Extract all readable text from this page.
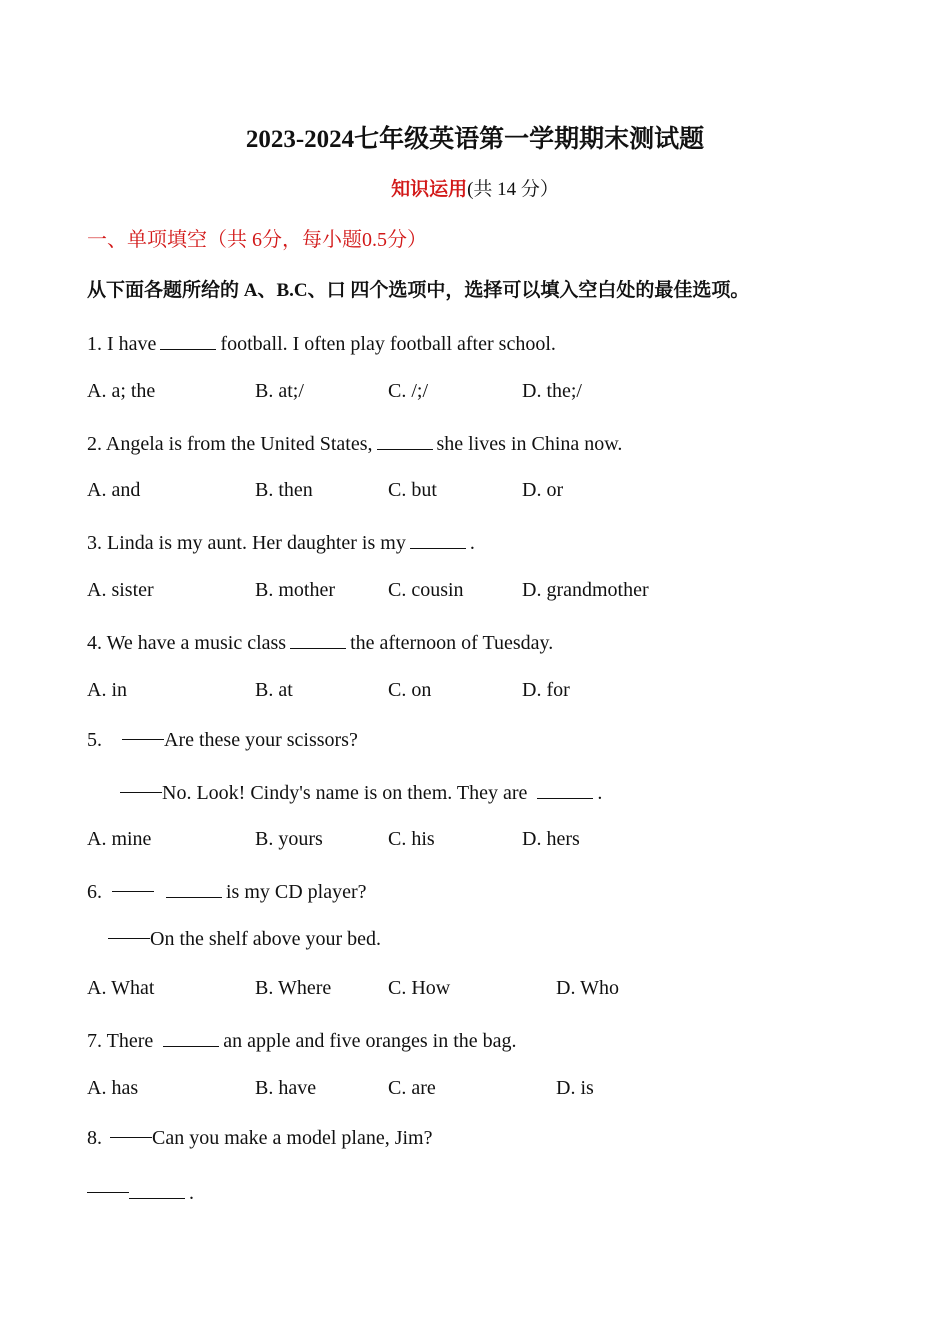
2023-2024七年级英语第一学期期末测试题
知识运用(共 14 分）
一、单项填空（共 6分，每小题0.5分）
从下面各题所给的 A、B.C、口 四个选项中，选择可以填入空白处的最佳选项。
1. I have	football. I often play football after school.
A. a; the	B. at;/	C. /;/	D. the;/
2. Angela is from the United States,	she lives in China now.
A. and	B. then	C. but	D. or
3. Linda is my aunt. Her daughter is my	.
A. sister	B. mother	C. cousin	D. grandmother
4. We have a music class	the afternoon of Tuesday.
A. in	B. at	C. on	D. for
5.	Are these your scissors?
No. Look! Cindy's name is on them. They are	.
A. mine	B. yours	C. his	D. hers
6.	is my CD player?
On the shelf above your bed.
A. What	B. Where	C. How	D. Who
7. There	an apple and five oranges in the bag.
A. has	B. have	C. are	D. is
8.	Can you make a model plane, Jim?
.
